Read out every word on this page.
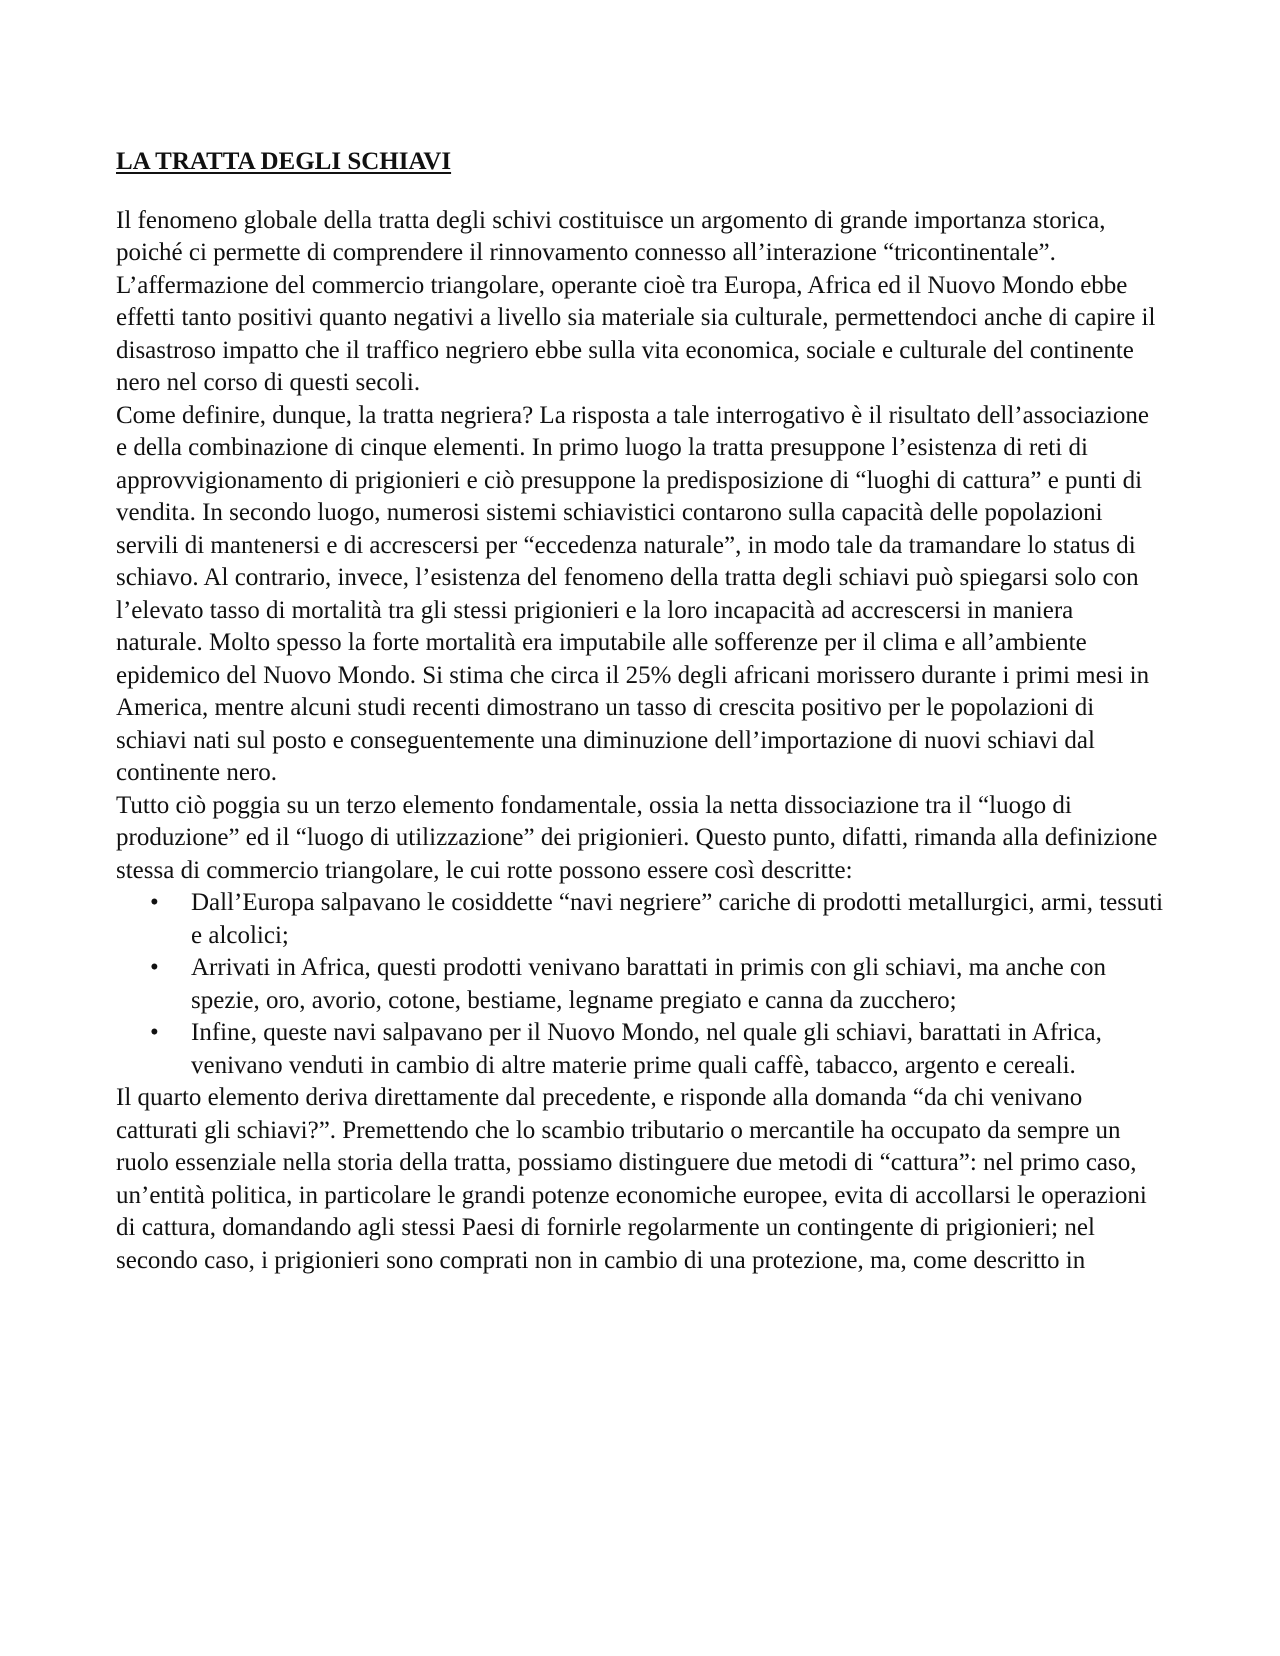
LA TRATTA DEGLI SCHIAVI

Il fenomeno globale della tratta degli schivi costituisce un argomento di grande importanza storica, poiché ci permette di comprendere il rinnovamento connesso all’interazione “tricontinentale”. L’affermazione del commercio triangolare, operante cioè tra Europa, Africa ed il Nuovo Mondo ebbe effetti tanto positivi quanto negativi a livello sia materiale sia culturale, permettendoci anche di capire il disastroso impatto che il traffico negriero ebbe sulla vita economica, sociale e culturale del continente nero nel corso di questi secoli.

Come definire, dunque, la tratta negriera? La risposta a tale interrogativo è il risultato dell’associazione e della combinazione di cinque elementi. In primo luogo la tratta presuppone l’esistenza di reti di approvvigionamento di prigionieri e ciò presuppone la predisposizione di “luoghi di cattura” e punti di vendita. In secondo luogo, numerosi sistemi schiavistici contarono sulla capacità delle popolazioni servili di mantenersi e di accrescersi per “eccedenza naturale”, in modo tale da tramandare lo status di schiavo. Al contrario, invece, l’esistenza del fenomeno della tratta degli schiavi può spiegarsi solo con l’elevato tasso di mortalità tra gli stessi prigionieri e la loro incapacità ad accrescersi in maniera naturale. Molto spesso la forte mortalità era imputabile alle sofferenze per il clima e all’ambiente epidemico del Nuovo Mondo. Si stima che circa il 25% degli africani morissero durante i primi mesi in America, mentre alcuni studi recenti dimostrano un tasso di crescita positivo per le popolazioni di schiavi nati sul posto e conseguentemente una diminuzione dell’importazione di nuovi schiavi dal continente nero.

Tutto ciò poggia su un terzo elemento fondamentale, ossia la netta dissociazione tra il “luogo di produzione” ed il “luogo di utilizzazione” dei prigionieri. Questo punto, difatti, rimanda alla definizione stessa di commercio triangolare, le cui rotte possono essere così descritte:

• Dall’Europa salpavano le cosiddette “navi negriere” cariche di prodotti metallurgici, armi, tessuti e alcolici;
• Arrivati in Africa, questi prodotti venivano barattati in primis con gli schiavi, ma anche con spezie, oro, avorio, cotone, bestiame, legname pregiato e canna da zucchero;
• Infine, queste navi salpavano per il Nuovo Mondo, nel quale gli schiavi, barattati in Africa, venivano venduti in cambio di altre materie prime quali caffè, tabacco, argento e cereali.

Il quarto elemento deriva direttamente dal precedente, e risponde alla domanda “da chi venivano catturati gli schiavi?”. Premettendo che lo scambio tributario o mercantile ha occupato da sempre un ruolo essenziale nella storia della tratta, possiamo distinguere due metodi di “cattura”: nel primo caso, un’entità politica, in particolare le grandi potenze economiche europee, evita di accollarsi le operazioni di cattura, domandando agli stessi Paesi di fornirle regolarmente un contingente di prigionieri; nel secondo caso, i prigionieri sono comprati non in cambio di una protezione, ma, come descritto in
